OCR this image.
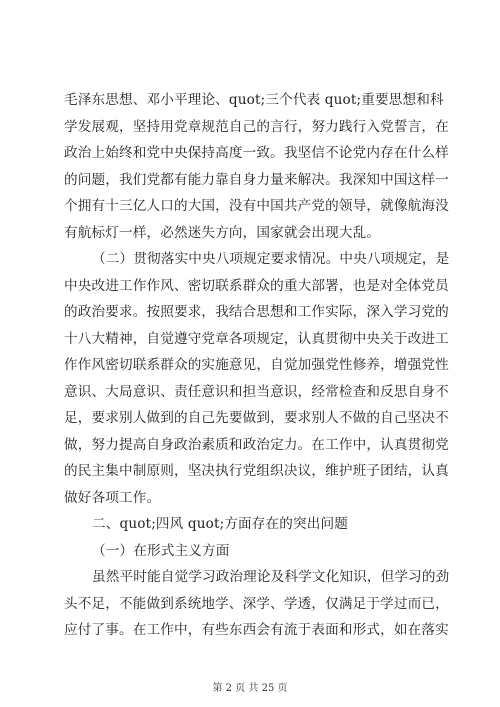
毛泽东思想、邓小平理论、quot;三个代表 quot;重要思想和科
学发展观，坚持用党章规范自己的言行，努力践行入党誓言，在
政治上始终和党中央保持高度一致。我坚信不论党内存在什么样
的问题，我们党都有能力靠自身力量来解决。我深知中国这样一
个拥有十三亿人口的大国，没有中国共产党的领导，就像航海没
有航标灯一样，必然迷失方向，国家就会出现大乱。
（二）贯彻落实中央八项规定要求情况。中央八项规定，是
中央改进工作作风、密切联系群众的重大部署，也是对全体党员
的政治要求。按照要求，我结合思想和工作实际，深入学习党的
十八大精神，自觉遵守党章各项规定，认真贯彻中央关于改进工
作作风密切联系群众的实施意见，自觉加强党性修养，增强党性
意识、大局意识、责任意识和担当意识，经常检查和反思自身不
足，要求别人做到的自己先要做到，要求别人不做的自己坚决不
做，努力提高自身政治素质和政治定力。在工作中，认真贯彻党
的民主集中制原则，坚决执行党组织决议，维护班子团结，认真
做好各项工作。
二、quot;四风 quot;方面存在的突出问题
（一）在形式主义方面
虽然平时能自觉学习政治理论及科学文化知识，但学习的劲
头不足，不能做到系统地学、深学、学透，仅满足于学过而已，
应付了事。在工作中，有些东西会有流于表面和形式，如在落实
第 2 页 共 25 页
